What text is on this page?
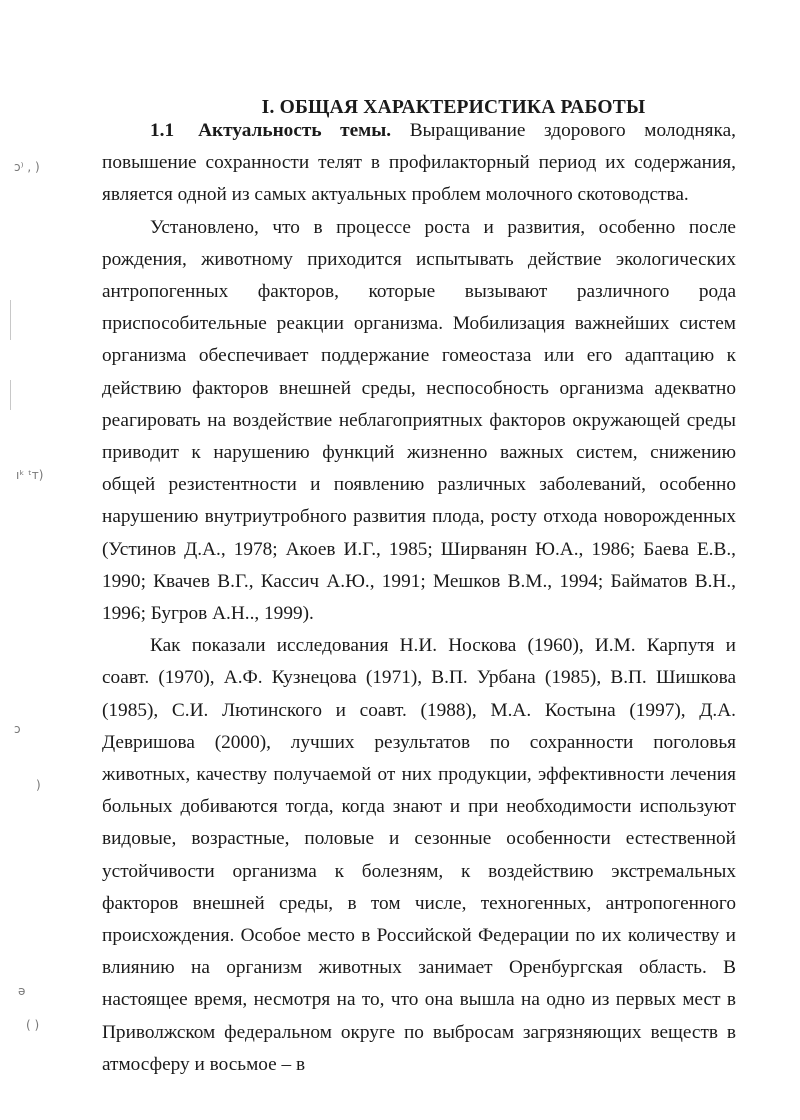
ↄ⁾ , )
ıᵏ ᵗт)
ɔ
)
ə
( )
I. ОБЩАЯ ХАРАКТЕРИСТИКА РАБОТЫ

1.1 Актуальность темы. Выращивание здорового молодняка, повышение сохранности телят в профилакторный период их содержания, является одной из самых актуальных проблем молочного скотоводства.

Установлено, что в процессе роста и развития, особенно после рождения, животному приходится испытывать действие экологических антропогенных факторов, которые вызывают различного рода приспособительные реакции организма. Мобилизация важнейших систем организма обеспечивает поддержание гомеостаза или его адаптацию к действию факторов внешней среды, неспособность организма адекватно реагировать на воздействие неблагоприятных факторов окружающей среды приводит к нарушению функций жизненно важных систем, снижению общей резистентности и появлению различных заболеваний, особенно нарушению внутриутробного развития плода, росту отхода новорожденных (Устинов Д.А., 1978; Акоев И.Г., 1985; Ширванян Ю.А., 1986; Баева Е.В., 1990; Квачев В.Г., Кассич А.Ю., 1991; Мешков В.М., 1994; Байматов В.Н., 1996; Бугров А.Н.., 1999).

Как показали исследования Н.И. Носкова (1960), И.М. Карпутя и соавт. (1970), А.Ф. Кузнецова (1971), В.П. Урбана (1985), В.П. Шишкова (1985), С.И. Лютинского и соавт. (1988), М.А. Костына (1997), Д.А. Девришова (2000), лучших результатов по сохранности поголовья животных, качеству получаемой от них продукции, эффективности лечения больных добиваются тогда, когда знают и при необходимости используют видовые, возрастные, половые и сезонные особенности естественной устойчивости организма к болезням, к воздействию экстремальных факторов внешней среды, в том числе, техногенных, антропогенного происхождения. Особое место в Российской Федерации по их количеству и влиянию на организм животных занимает Оренбургская область. В настоящее время, несмотря на то, что она вышла на одно из первых мест в Приволжском федеральном округе по выбросам загрязняющих веществ в атмосферу и восьмое – в
